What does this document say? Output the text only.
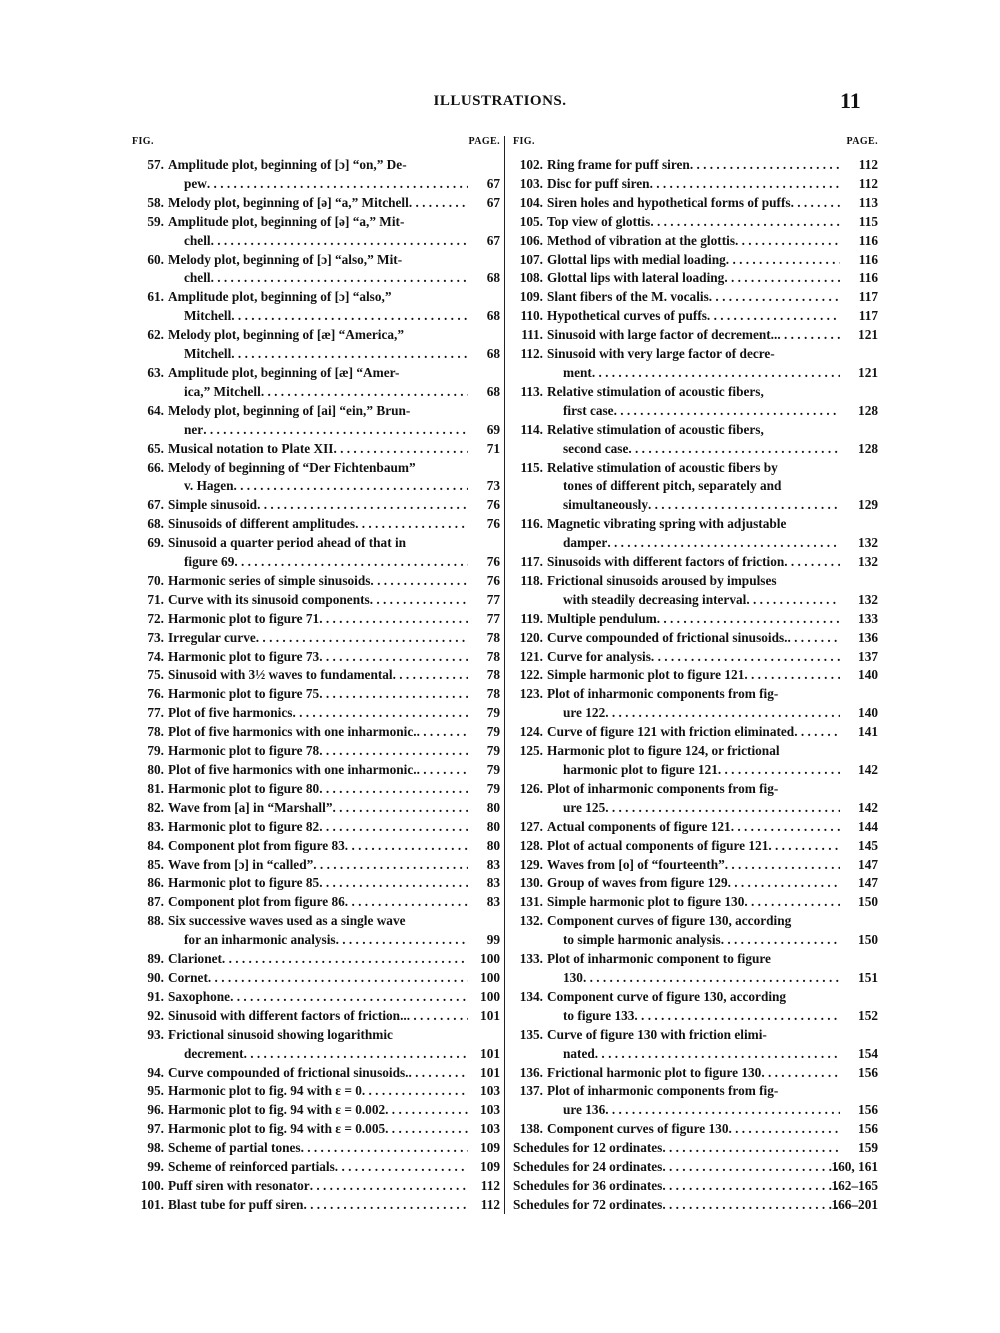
ILLUSTRATIONS.	11
FIG.	PAGE.
57. Amplitude plot, beginning of [ɔ] “on,” De-
pew . . .	67
58. Melody plot, beginning of [ə] “a,” Mitchell . . .	67
59. Amplitude plot, beginning of [ə] “a,” Mit-
chell . . .	67
60. Melody plot, beginning of [ɔ] “also,” Mit-
chell . . .	68
61. Amplitude plot, beginning of [ɔ] “also,”
Mitchell . . .	68
62. Melody plot, beginning of [æ] “America,”
Mitchell . . .	68
63. Amplitude plot, beginning of [æ] “Amer-
ica,” Mitchell . . .	68
64. Melody plot, beginning of [ai] “ein,” Brun-
ner . . .	69
65. Musical notation to Plate XII . . .	71
66. Melody of beginning of “Der Fichtenbaum”
v. Hagen . . .	73
67. Simple sinusoid . . .	76
68. Sinusoids of different amplitudes . . .	76
69. Sinusoid a quarter period ahead of that in
figure 69 . . .	76
70. Harmonic series of simple sinusoids . . .	76
71. Curve with its sinusoid components . . .	77
72. Harmonic plot to figure 71 . . .	77
73. Irregular curve . . .	78
74. Harmonic plot to figure 73 . . .	78
75. Sinusoid with 3½ waves to fundamental . . .	78
76. Harmonic plot to figure 75 . . .	78
77. Plot of five harmonics . . .	79
78. Plot of five harmonics with one inharmonic. . . .	79
79. Harmonic plot to figure 78 . . .	79
80. Plot of five harmonics with one inharmonic. . . .	79
81. Harmonic plot to figure 80 . . .	79
82. Wave from [a] in “Marshall” . . .	80
83. Harmonic plot to figure 82 . . .	80
84. Component plot from figure 83 . . .	80
85. Wave from [ɔ] in “called” . . .	83
86. Harmonic plot to figure 85 . . .	83
87. Component plot from figure 86 . . .	83
88. Six successive waves used as a single wave
for an inharmonic analysis . . .	99
89. Clarionet . . .	100
90. Cornet . . .	100
91. Saxophone . . .	100
92. Sinusoid with different factors of friction.. . . .	101
93. Frictional sinusoid showing logarithmic
decrement . . .	101
94. Curve compounded of frictional sinusoids. . . .	101
95. Harmonic plot to fig. 94 with ε = 0 . . .	103
96. Harmonic plot to fig. 94 with ε = 0.002 . . .	103
97. Harmonic plot to fig. 94 with ε = 0.005 . . .	103
98. Scheme of partial tones . . .	109
99. Scheme of reinforced partials . . .	109
100. Puff siren with resonator . . .	112
101. Blast tube for puff siren . . .	112
FIG.	PAGE.
102. Ring frame for puff siren . . .	112
103. Disc for puff siren . . .	112
104. Siren holes and hypothetical forms of puffs . . .	113
105. Top view of glottis . . .	115
106. Method of vibration at the glottis . . .	116
107. Glottal lips with medial loading . . .	116
108. Glottal lips with lateral loading . . .	116
109. Slant fibers of the M. vocalis . . .	117
110. Hypothetical curves of puffs . . .	117
111. Sinusoid with large factor of decrement.. . . .	121
112. Sinusoid with very large factor of decre-
ment . . .	121
113. Relative stimulation of acoustic fibers,
first case . . .	128
114. Relative stimulation of acoustic fibers,
second case . . .	128
115. Relative stimulation of acoustic fibers by
tones of different pitch, separately and
simultaneously . . .	129
116. Magnetic vibrating spring with adjustable
damper . . .	132
117. Sinusoids with different factors of friction . . .	132
118. Frictional sinusoids aroused by impulses
with steadily decreasing interval . . .	132
119. Multiple pendulum . . .	133
120. Curve compounded of frictional sinusoids. . . .	136
121. Curve for analysis . . .	137
122. Simple harmonic plot to figure 121 . . .	140
123. Plot of inharmonic components from fig-
ure 122 . . .	140
124. Curve of figure 121 with friction eliminated . . .	141
125. Harmonic plot to figure 124, or frictional
harmonic plot to figure 121 . . .	142
126. Plot of inharmonic components from fig-
ure 125 . . .	142
127. Actual components of figure 121 . . .	144
128. Plot of actual components of figure 121 . . .	145
129. Waves from [o] of “fourteenth” . . .	147
130. Group of waves from figure 129 . . .	147
131. Simple harmonic plot to figure 130 . . .	150
132. Component curves of figure 130, according
to simple harmonic analysis . . .	150
133. Plot of inharmonic component to figure
130 . . .	151
134. Component curve of figure 130, according
to figure 133 . . .	152
135. Curve of figure 130 with friction elimi-
nated . . .	154
136. Frictional harmonic plot to figure 130 . . .	156
137. Plot of inharmonic components from fig-
ure 136 . . .	156
138. Component curves of figure 130 . . .	156
Schedules for 12 ordinates . . .	159
Schedules for 24 ordinates . . .	160, 161
Schedules for 36 ordinates . . .	162–165
Schedules for 72 ordinates . . .	166–201
